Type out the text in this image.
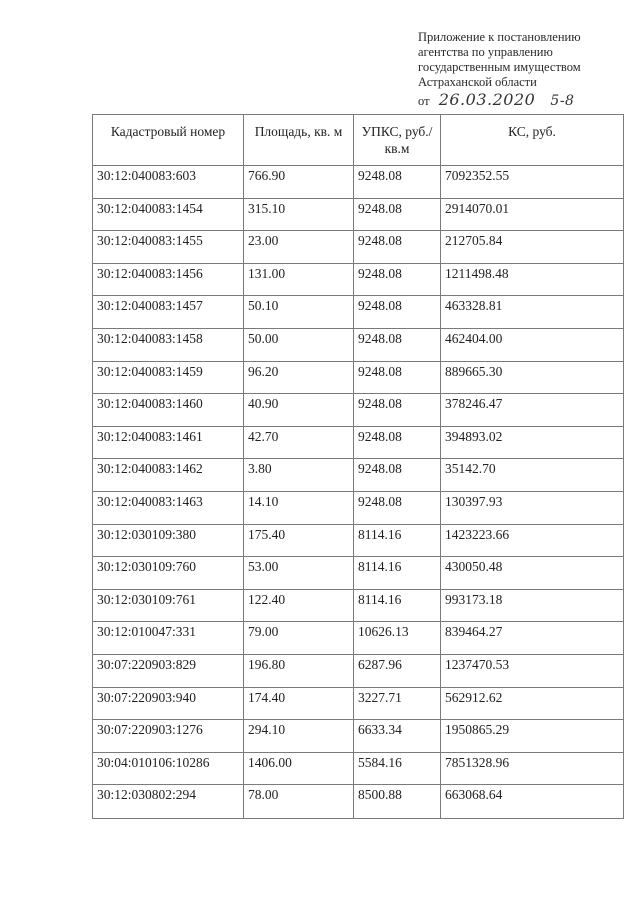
Приложение к постановлению
агентства по управлению
государственным имуществом
Астраханской области
от 26.03.2020 5-8
Кадастровый номер	Площадь, кв. м	УПКС, руб./кв.м	КС, руб.
30:12:040083:603	766.90	9248.08	7092352.55
30:12:040083:1454	315.10	9248.08	2914070.01
30:12:040083:1455	23.00	9248.08	212705.84
30:12:040083:1456	131.00	9248.08	1211498.48
30:12:040083:1457	50.10	9248.08	463328.81
30:12:040083:1458	50.00	9248.08	462404.00
30:12:040083:1459	96.20	9248.08	889665.30
30:12:040083:1460	40.90	9248.08	378246.47
30:12:040083:1461	42.70	9248.08	394893.02
30:12:040083:1462	3.80	9248.08	35142.70
30:12:040083:1463	14.10	9248.08	130397.93
30:12:030109:380	175.40	8114.16	1423223.66
30:12:030109:760	53.00	8114.16	430050.48
30:12:030109:761	122.40	8114.16	993173.18
30:12:010047:331	79.00	10626.13	839464.27
30:07:220903:829	196.80	6287.96	1237470.53
30:07:220903:940	174.40	3227.71	562912.62
30:07:220903:1276	294.10	6633.34	1950865.29
30:04:010106:10286	1406.00	5584.16	7851328.96
30:12:030802:294	78.00	8500.88	663068.64
